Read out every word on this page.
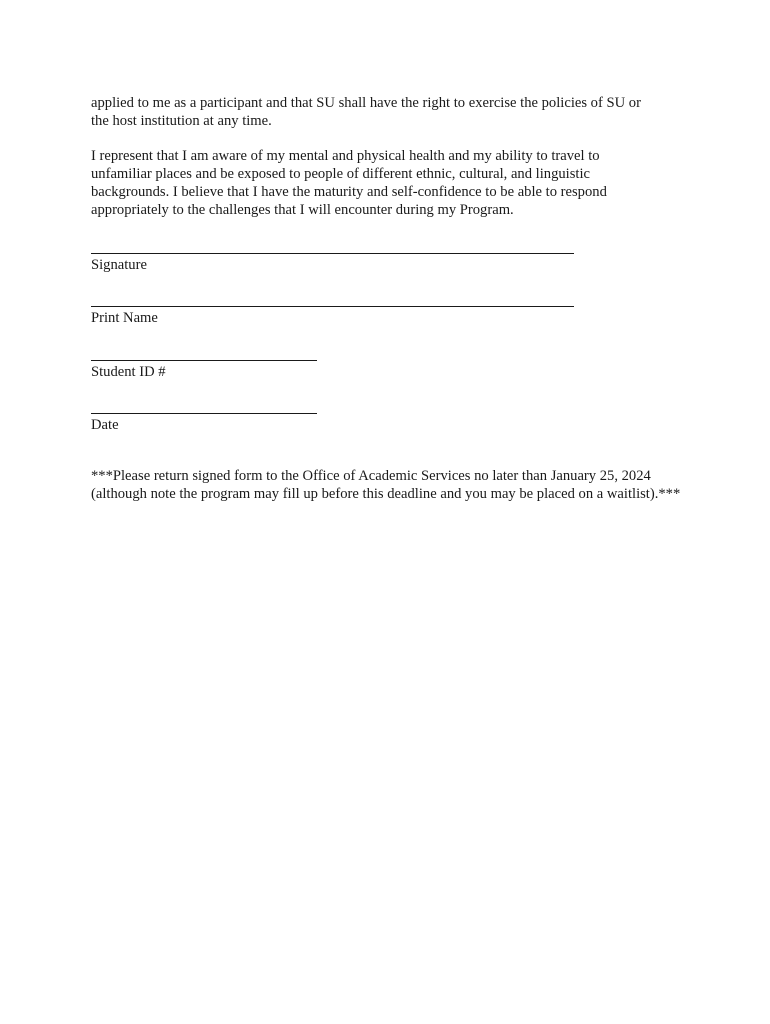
applied to me as a participant and that SU shall have the right to exercise the policies of SU or
the host institution at any time.

I represent that I am aware of my mental and physical health and my ability to travel to
unfamiliar places and be exposed to people of different ethnic, cultural, and linguistic
backgrounds. I believe that I have the maturity and self-confidence to be able to respond
appropriately to the challenges that I will encounter during my Program.

Signature
Print Name
Student ID #
Date

***Please return signed form to the Office of Academic Services no later than January 25, 2024
(although note the program may fill up before this deadline and you may be placed on a waitlist).***
